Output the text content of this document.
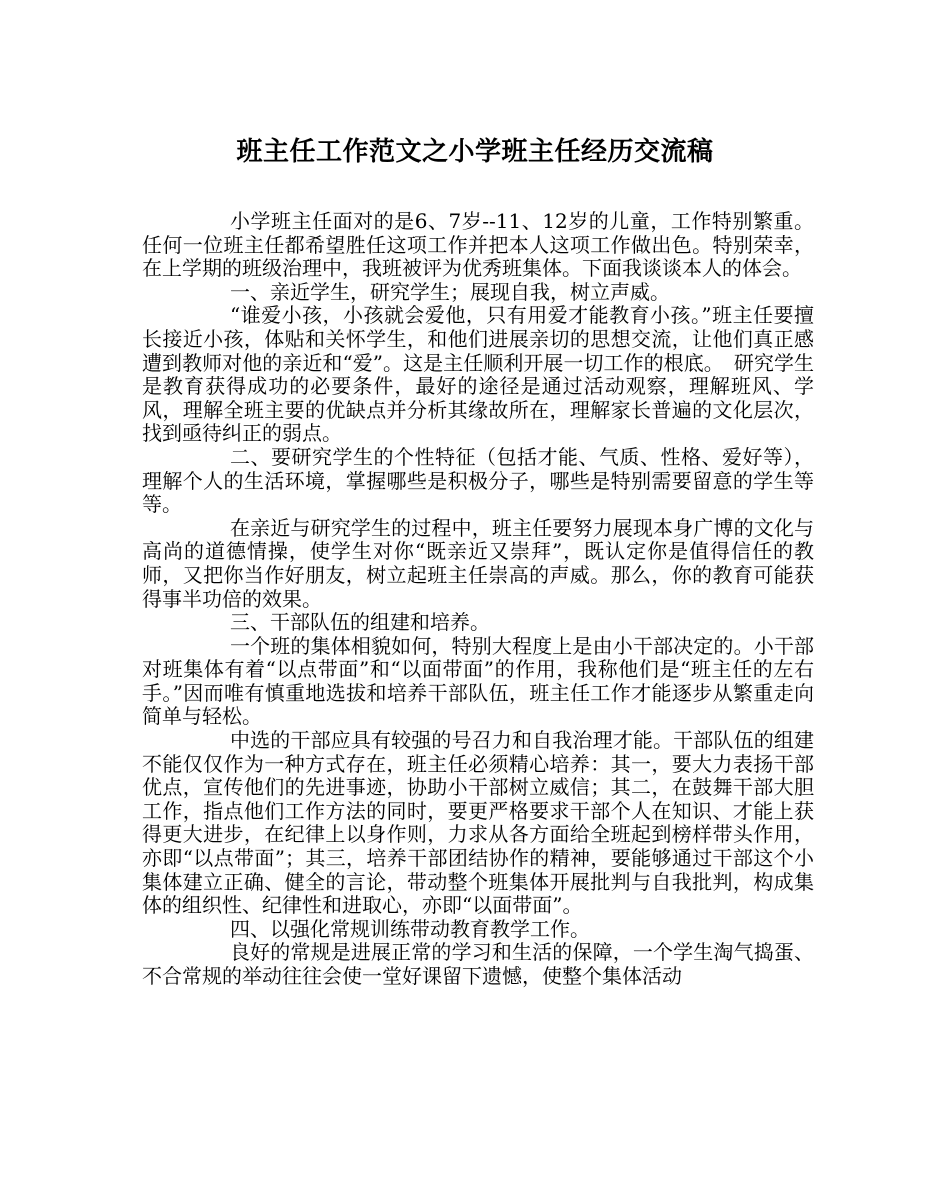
班主任工作范文之小学班主任经历交流稿

小学班主任面对的是6、7岁--11、12岁的儿童，工作特别繁重。任何一位班主任都希望胜任这项工作并把本人这项工作做出色。特别荣幸，在上学期的班级治理中，我班被评为优秀班集体。下面我谈谈本人的体会。

一、亲近学生，研究学生；展现自我，树立声威。

“谁爱小孩，小孩就会爱他，只有用爱才能教育小孩。”班主任要擅长接近小孩，体贴和关怀学生，和他们进展亲切的思想交流，让他们真正感遭到教师对他的亲近和“爱”。这是主任顺利开展一切工作的根底。　研究学生是教育获得成功的必要条件，最好的途径是通过活动观察，理解班风、学风，理解全班主要的优缺点并分析其缘故所在，理解家长普遍的文化层次，找到亟待纠正的弱点。

二、要研究学生的个性特征（包括才能、气质、性格、爱好等），理解个人的生活环境，掌握哪些是积极分子，哪些是特别需要留意的学生等等。

在亲近与研究学生的过程中，班主任要努力展现本身广博的文化与高尚的道德情操，使学生对你“既亲近又崇拜”，既认定你是值得信任的教师，又把你当作好朋友，树立起班主任崇高的声威。那么，你的教育可能获得事半功倍的效果。

三、干部队伍的组建和培养。

一个班的集体相貌如何，特别大程度上是由小干部决定的。小干部对班集体有着“以点带面”和“以面带面”的作用，我称他们是“班主任的左右手。”因而唯有慎重地选拔和培养干部队伍，班主任工作才能逐步从繁重走向简单与轻松。

中选的干部应具有较强的号召力和自我治理才能。干部队伍的组建不能仅仅作为一种方式存在，班主任必须精心培养：其一，要大力表扬干部优点，宣传他们的先进事迹，协助小干部树立威信；其二，在鼓舞干部大胆工作，指点他们工作方法的同时，要更严格要求干部个人在知识、才能上获得更大进步，在纪律上以身作则，力求从各方面给全班起到榜样带头作用，亦即“以点带面”；其三，培养干部团结协作的精神，要能够通过干部这个小集体建立正确、健全的言论，带动整个班集体开展批判与自我批判，构成集体的组织性、纪律性和进取心，亦即“以面带面”。

四、以强化常规训练带动教育教学工作。

良好的常规是进展正常的学习和生活的保障，一个学生淘气捣蛋、不合常规的举动往往会使一堂好课留下遗憾，使整个集体活动
